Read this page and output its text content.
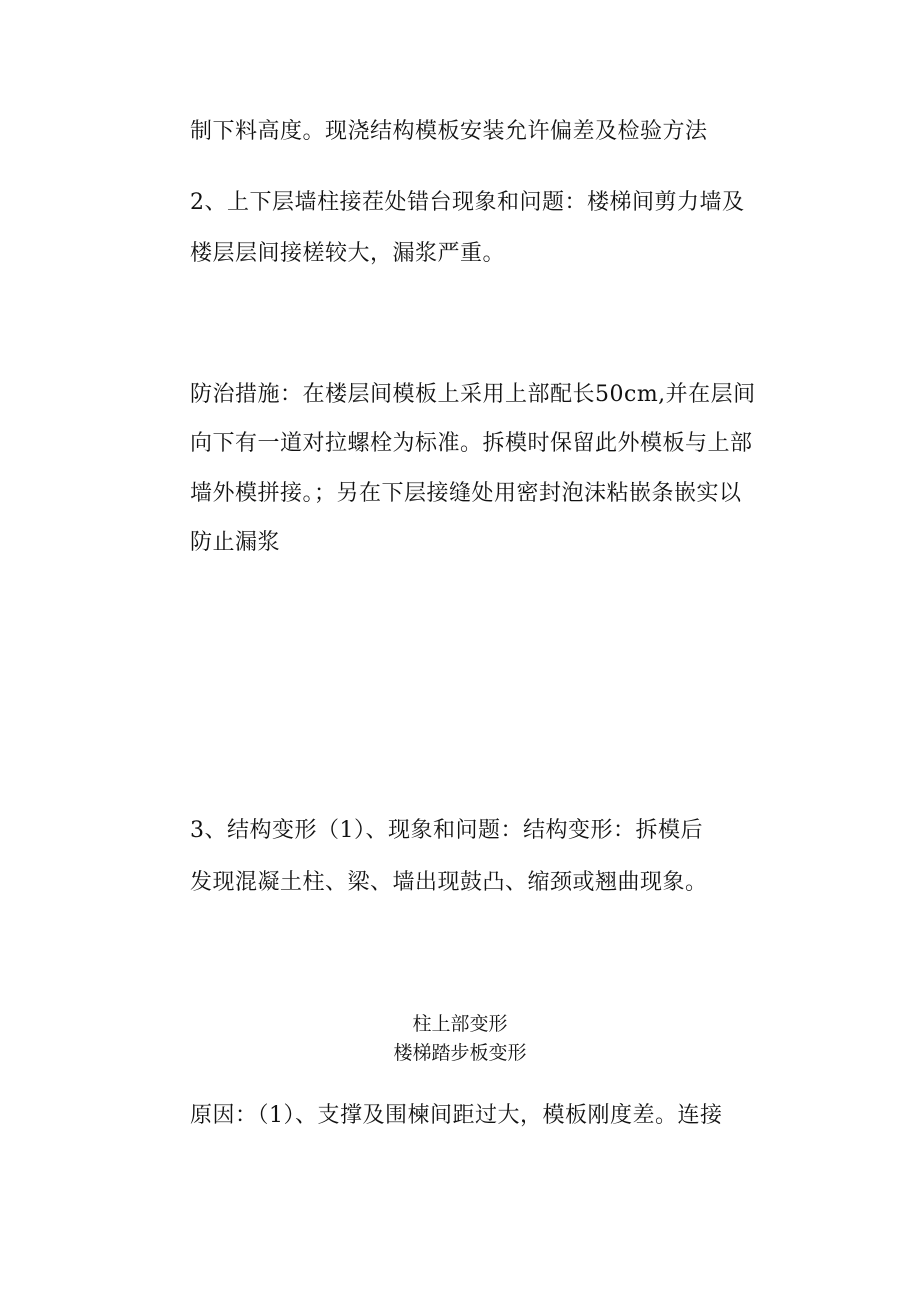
制下料高度。现浇结构模板安装允许偏差及检验方法
2、上下层墙柱接茬处错台现象和问题：楼梯间剪力墙及
楼层层间接槎较大，漏浆严重。
防治措施：在楼层间模板上采用上部配长50cm,并在层间
向下有一道对拉螺栓为标准。拆模时保留此外模板与上部
墙外模拼接。；另在下层接缝处用密封泡沫粘嵌条嵌实以
防止漏浆
3、结构变形（1）、现象和问题：结构变形：拆模后
发现混凝土柱、梁、墙出现鼓凸、缩颈或翘曲现象。
柱上部变形
楼梯踏步板变形
原因：（1）、支撑及围楝间距过大，模板刚度差。连接
